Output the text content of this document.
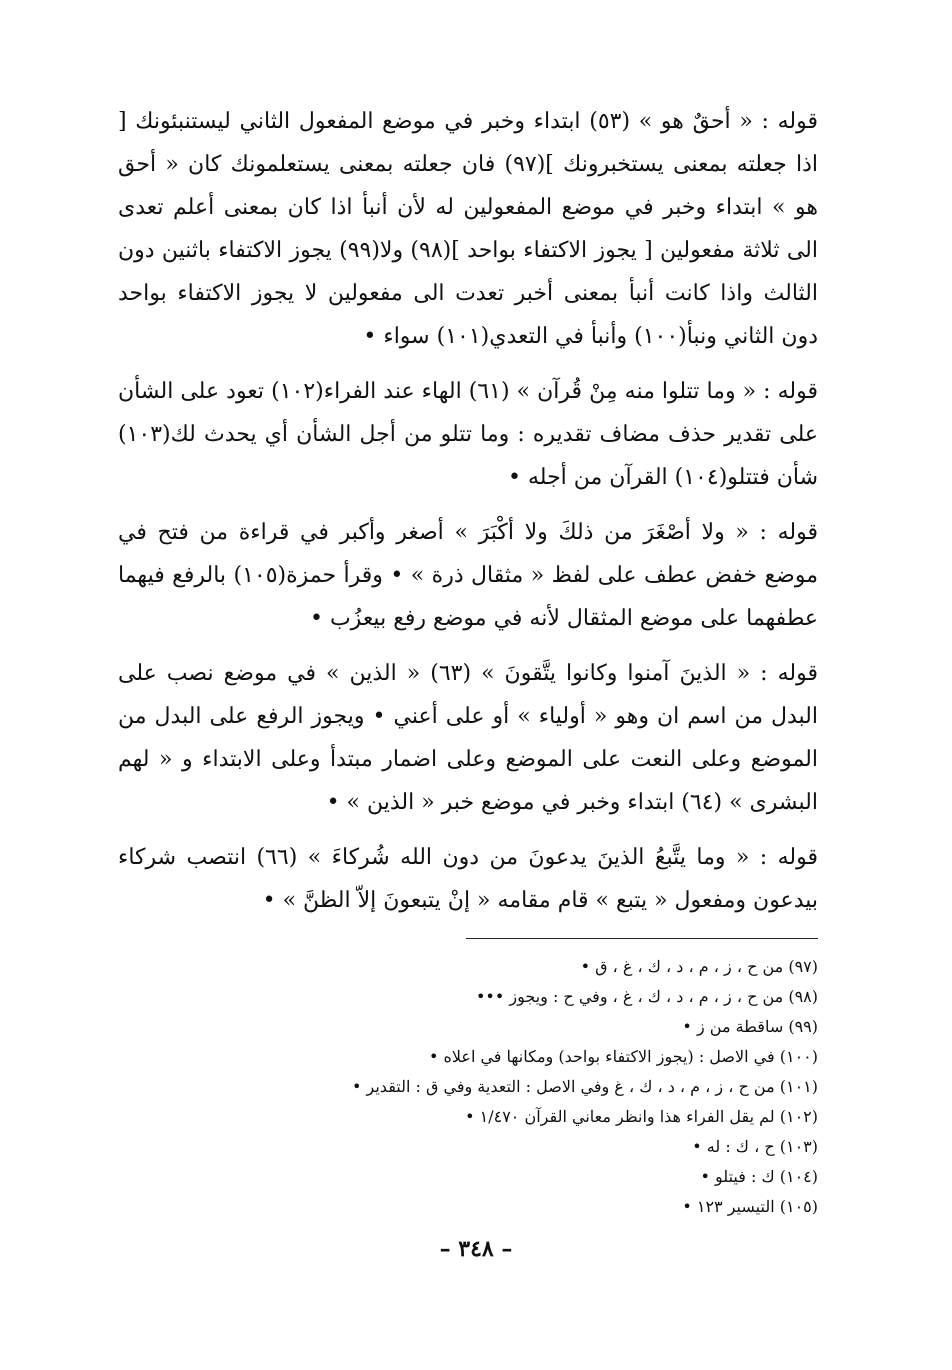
قوله : « أحقٌ هو » (٥٣) ابتداء وخبر في موضع المفعول الثاني ليستنبئونك [ اذا جعلته بمعنى يستخبرونك ](٩٧) فان جعلته بمعنى يستعلمونك كان « أحق هو » ابتداء وخبر في موضع المفعولين له لأن أنبأ اذا كان بمعنى أعلم تعدى الى ثلاثة مفعولين [ يجوز الاكتفاء بواحد ](٩٨) ولا(٩٩) يجوز الاكتفاء باثنين دون الثالث واذا كانت أنبأ بمعنى أخبر تعدت الى مفعولين لا يجوز الاكتفاء بواحد دون الثاني ونبأ(١٠٠) وأنبأ في التعدي(١٠١) سواء •

قوله : « وما تتلوا منه مِنْ قُرآن » (٦١) الهاء عند الفراء(١٠٢) تعود على الشأن على تقدير حذف مضاف تقديره : وما تتلو من أجل الشأن أي يحدث لك(١٠٣) شأن فتتلو(١٠٤) القرآن من أجله •

قوله : « ولا أصْغَرَ من ذلكَ ولا أكْبَرَ » أصغر وأكبر في قراءة من فتح في موضع خفض عطف على لفظ « مثقال ذرة » • وقرأ حمزة(١٠٥) بالرفع فيهما عطفهما على موضع المثقال لأنه في موضع رفع بيعزُب •

قوله : « الذينَ آمنوا وكانوا يتَّقونَ » (٦٣) « الذين » في موضع نصب على البدل من اسم ان وهو « أولياء » أو على أعني • ويجوز الرفع على البدل من الموضع وعلى النعت على الموضع وعلى اضمار مبتدأ وعلى الابتداء و « لهم البشرى » (٦٤) ابتداء وخبر في موضع خبر « الذين » •

قوله : « وما يتَّبعُ الذينَ يدعونَ من دون الله شُركاءَ » (٦٦) انتصب شركاء بيدعون ومفعول « يتبع » قام مقامه « إنْ يتبعونَ إلاّ الظنَّ » •

(٩٧) من ح ، ز ، م ، د ، ك ، غ ، ق •
(٩٨) من ح ، ز ، م ، د ، ك ، غ ، وفي ح : ويجوز •••
(٩٩) ساقطة من ز •
(١٠٠) في الاصل : (يجوز الاكتفاء بواحد) ومكانها في اعلاه •
(١٠١) من ح ، ز ، م ، د ، ك ، غ وفي الاصل : التعدية وفي ق : التقدير •
(١٠٢) لم يقل الفراء هذا وانظر معاني القرآن ١/٤٧٠ •
(١٠٣) ح ، ك : له •
(١٠٤) ك : فيتلو •
(١٠٥) التيسير ١٢٣ •
– ٣٤٨ –
